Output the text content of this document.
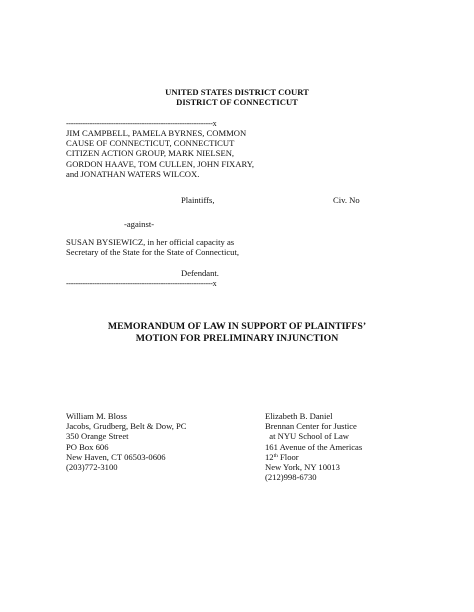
UNITED STATES DISTRICT COURT
DISTRICT OF CONNECTICUT
--------------------------------------------------------------x
JIM CAMPBELL, PAMELA BYRNES, COMMON
CAUSE OF CONNECTICUT, CONNECTICUT
CITIZEN ACTION GROUP, MARK NIELSEN,
GORDON HAAVE, TOM CULLEN, JOHN FIXARY,
and JONATHAN WATERS WILCOX.
Plaintiffs,	Civ. No
-against-
SUSAN BYSIEWICZ, in her official capacity as
Secretary of the State for the State of Connecticut,
Defendant.
--------------------------------------------------------------x
MEMORANDUM OF LAW IN SUPPORT OF PLAINTIFFS’
MOTION FOR PRELIMINARY INJUNCTION
William M. Bloss
Jacobs, Grudberg, Belt & Dow, PC
350 Orange Street
PO Box 606
New Haven, CT 06503-0606
(203)772-3100
Elizabeth B. Daniel
Brennan Center for Justice
at NYU School of Law
161 Avenue of the Americas
12th Floor
New York, NY 10013
(212)998-6730
